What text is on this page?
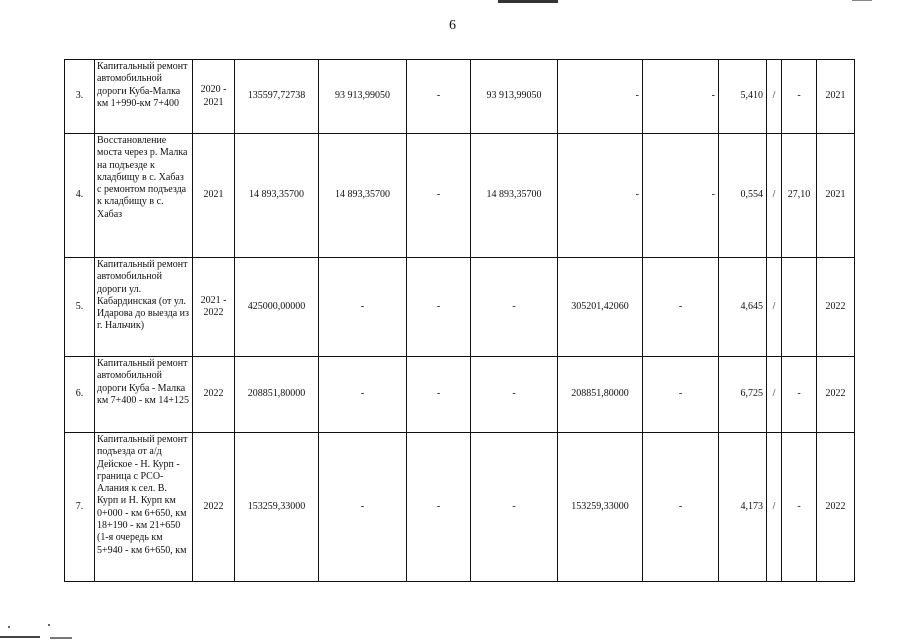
6
3.	Капитальный ремонт автомобильной дороги Куба-Малка км 1+990-км 7+400	2020 - 2021	135597,72738	93 913,99050	-	93 913,99050	-	-	5,410	/	-	2021
4.	Восстановление моста через р. Малка на подъезде к кладбищу в с. Хабаз с ремонтом подъезда к кладбищу в с. Хабаз	2021	14 893,35700	14 893,35700	-	14 893,35700	-	-	0,554	/	27,10	2021
5.	Капитальный ремонт автомобильной дороги ул. Кабардинская (от ул. Идарова до выезда из г. Нальчик)	2021 - 2022	425000,00000	-	-	-	305201,42060	-	4,645	/		2022
6.	Капитальный ремонт автомобильной дороги Куба - Малка км 7+400 - км 14+125	2022	208851,80000	-	-	-	208851,80000	-	6,725	/	-	2022
7.	Капитальный ремонт подъезда от а/д Дейское - Н. Курп - граница с РСО-Алания к сел. В. Курп и Н. Курп км 0+000 - км 6+650, км 18+190 - км 21+650 (1-я очередь км 5+940 - км 6+650, км	2022	153259,33000	-	-	-	153259,33000	-	4,173	/	-	2022
